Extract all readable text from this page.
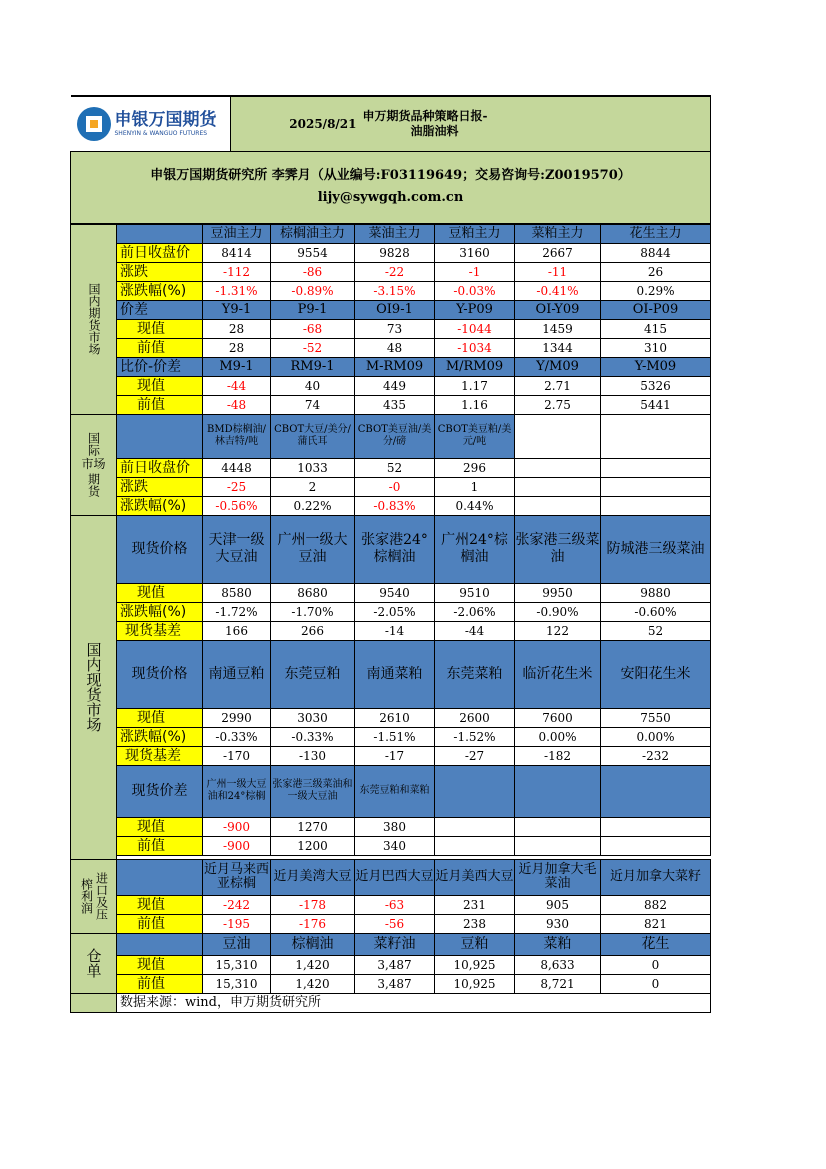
申银万国期货
SHENYIN & WANGUO FUTURES
	2025/8/21	
申万期货品种策略日报-
油脂油料

申银万国期货研究所 李霁月（从业编号:F03119649；交易咨询号:Z0019570）
lijy@sywgqh.com.cn
国内期货市场		豆油主力	棕榈油主力	菜油主力	豆粕主力	菜粕主力	花生主力
	前日收盘价	8414	9554	9828	3160	2667	8844
	涨跌	-112	-86	-22	-1	-11	26
	涨跌幅(%)	-1.31%	-0.89%	-3.15%	-0.03%	-0.41%	0.29%
	价差	Y9-1	P9-1	OI9-1	Y-P09	OI-Y09	OI-P09
	现值	28	-68	73	-1044	1459	415
	前值	28	-52	48	-1034	1344	310
	比价-价差	M9-1	RM9-1	M-RM09	M/RM09	Y/M09	Y-M09
	现值	-44	40	449	1.17	2.71	5326
	前值	-48	74	435	1.16	2.75	5441

国际
市场
期货		BMD棕榈油/林吉特/吨	CBOT大豆/美分/蒲氏耳	CBOT美豆油/美分/磅	CBOT美豆粕/美元/吨		
	前日收盘价	4448	1033	52	296		
	涨跌	-25	2	-0	1		
	涨跌幅(%)	-0.56%	0.22%	-0.83%	0.44%		

国内现货市场	现货价格	天津一级大豆油	广州一级大豆油	张家港24°棕榈油	广州24°棕榈油	张家港三级菜油	防城港三级菜油
	现值	8580	8680	9540	9510	9950	9880
	涨跌幅(%)	-1.72%	-1.70%	-2.05%	-2.06%	-0.90%	-0.60%
	现货基差	166	266	-14	-44	122	52
	现货价格	南通豆粕	东莞豆粕	南通菜粕	东莞菜粕	临沂花生米	安阳花生米
	现值	2990	3030	2610	2600	7600	7550
	涨跌幅(%)	-0.33%	-0.33%	-1.51%	-1.52%	0.00%	0.00%
	现货基差	-170	-130	-17	-27	-182	-232
	现货价差	广州一级大豆油和24°棕榈	张家港三级菜油和一级大豆油	东莞豆粕和菜粕			
	现值	-900	1270	380			
	前值	-900	1200	340			

榨利润 进口及压		近月马来西亚棕榈	近月美湾大豆	近月巴西大豆	近月美西大豆	近月加拿大毛菜油	近月加拿大菜籽
	现值	-242	-178	-63	231	905	882
	前值	-195	-176	-56	238	930	821

仓单		豆油	棕榈油	菜籽油	豆粕	菜粕	花生
	现值	15,310	1,420	3,487	10,925	8,633	0
	前值	15,310	1,420	3,487	10,925	8,721	0
	数据来源：wind，申万期货研究所						
